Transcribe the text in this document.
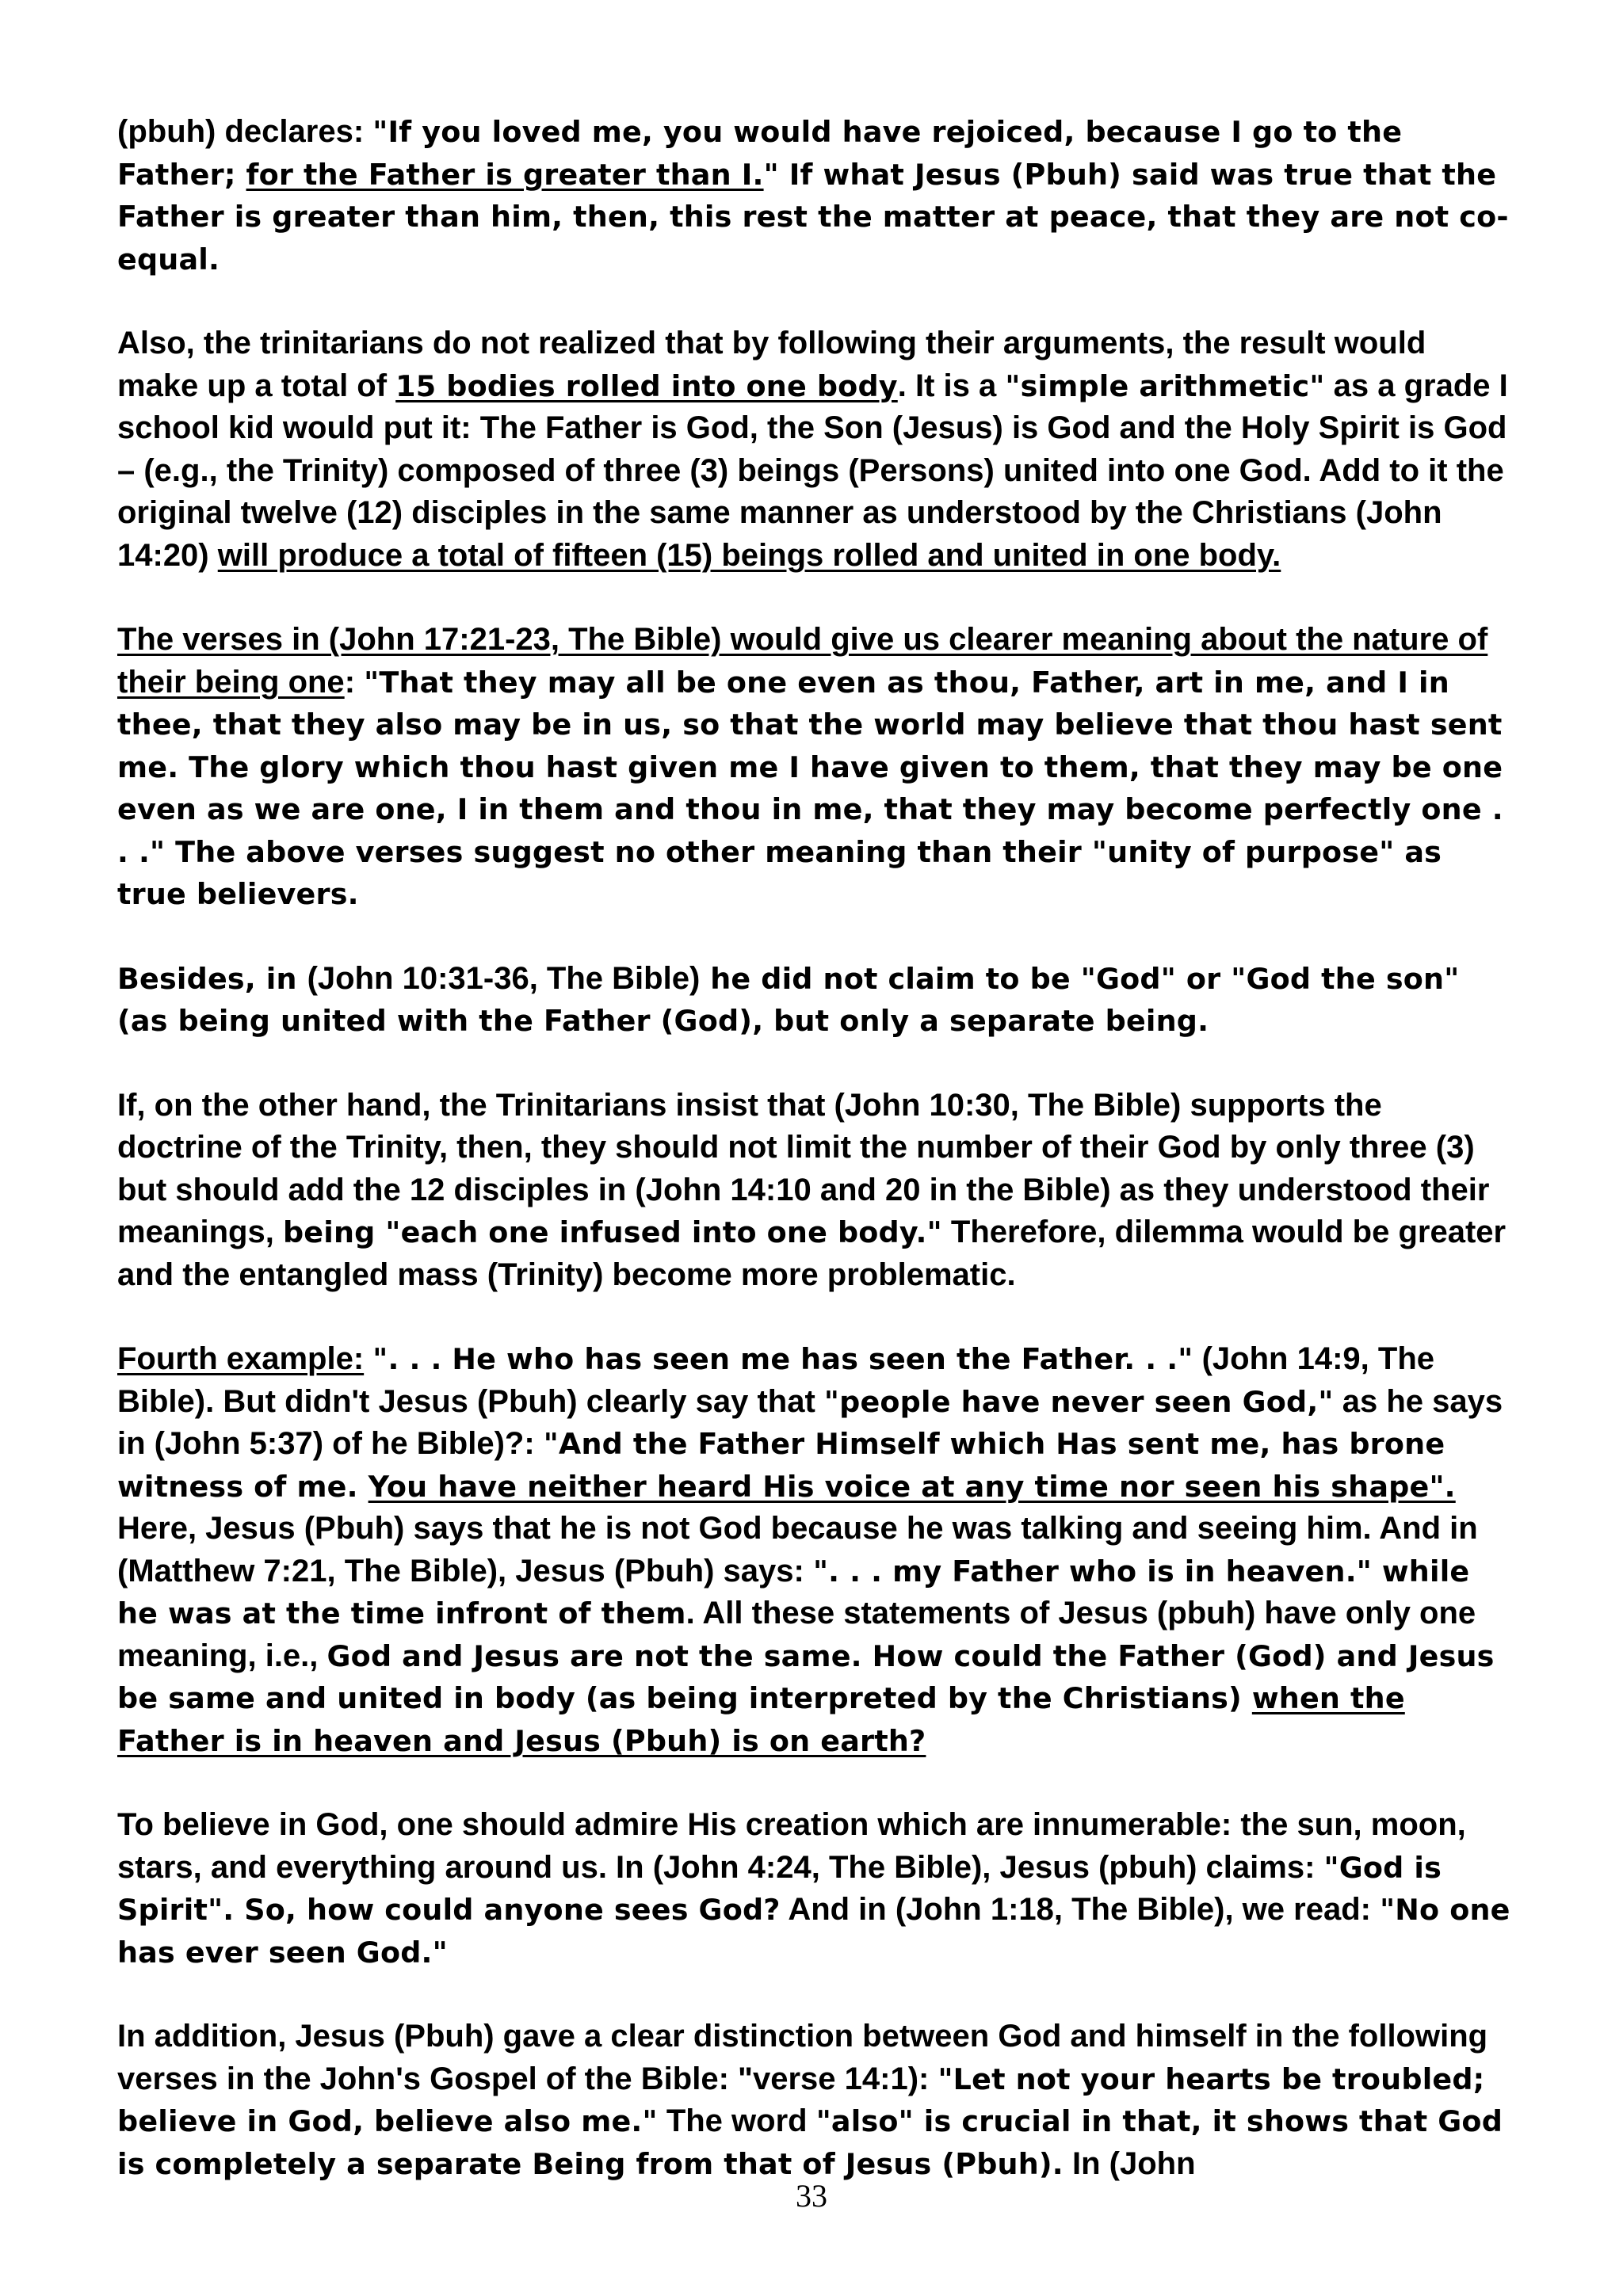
(pbuh) declares: "If you loved me, you would have rejoiced, because I go to the Father; for the Father is greater than I." If what Jesus (Pbuh) said was true that the Father is greater than him, then, this rest the matter at peace, that they are not co-equal.

Also, the trinitarians do not realized that by following their arguments, the result would make up a total of 15 bodies rolled into one body. It is a "simple arithmetic" as a grade I school kid would put it: The Father is God, the Son (Jesus) is God and the Holy Spirit is God – (e.g., the Trinity) composed of three (3) beings (Persons) united into one God. Add to it the original twelve (12) disciples in the same manner as understood by the Christians (John 14:20) will produce a total of fifteen (15) beings rolled and united in one body.

The verses in (John 17:21-23, The Bible) would give us clearer meaning about the nature of their being one: "That they may all be one even as thou, Father, art in me, and I in thee, that they also may be in us, so that the world may believe that thou hast sent me. The glory which thou hast given me I have given to them, that they may be one even as we are one, I in them and thou in me, that they may become perfectly one . . ." The above verses suggest no other meaning than their "unity of purpose" as true believers.

Besides, in (John 10:31-36, The Bible) he did not claim to be "God" or "God the son" (as being united with the Father (God), but only a separate being.

If, on the other hand, the Trinitarians insist that (John 10:30, The Bible) supports the doctrine of the Trinity, then, they should not limit the number of their God by only three (3) but should add the 12 disciples in (John 14:10 and 20 in the Bible) as they understood their meanings, being "each one infused into one body." Therefore, dilemma would be greater and the entangled mass (Trinity) become more problematic.

Fourth example: ". . . He who has seen me has seen the Father. . ." (John 14:9, The Bible). But didn't Jesus (Pbuh) clearly say that "people have never seen God," as he says in (John 5:37) of he Bible)?: "And the Father Himself which Has sent me, has brone witness of me. You have neither heard His voice at any time nor seen his shape". Here, Jesus (Pbuh) says that he is not God because he was talking and seeing him. And in (Matthew 7:21, The Bible), Jesus (Pbuh) says: ". . . my Father who is in heaven." while he was at the time infront of them. All these statements of Jesus (pbuh) have only one meaning, i.e., God and Jesus are not the same. How could the Father (God) and Jesus be same and united in body (as being interpreted by the Christians) when the Father is in heaven and Jesus (Pbuh) is on earth?

To believe in God, one should admire His creation which are innumerable: the sun, moon, stars, and everything around us. In (John 4:24, The Bible), Jesus (pbuh) claims: "God is Spirit". So, how could anyone sees God? And in (John 1:18, The Bible), we read: "No one has ever seen God."

In addition, Jesus (Pbuh) gave a clear distinction between God and himself in the following verses in the John's Gospel of the Bible: "verse 14:1): "Let not your hearts be troubled; believe in God, believe also me." The word "also" is crucial in that, it shows that God is completely a separate Being from that of Jesus (Pbuh). In (John

33
